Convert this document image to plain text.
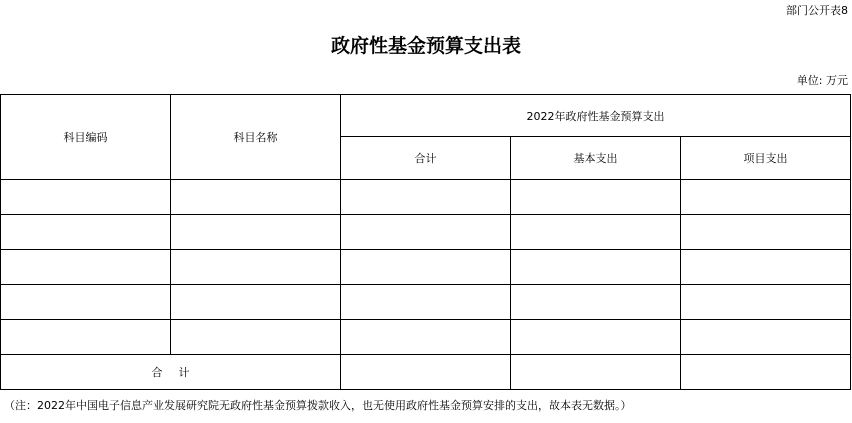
部门公开表8
政府性基金预算支出表
单位: 万元
科目编码	科目名称	2022年政府性基金预算支出		
		合计	基本支出	项目支出

合 计				
（注：2022年中国电子信息产业发展研究院无政府性基金预算拨款收入，也无使用政府性基金预算安排的支出，故本表无数据。）
